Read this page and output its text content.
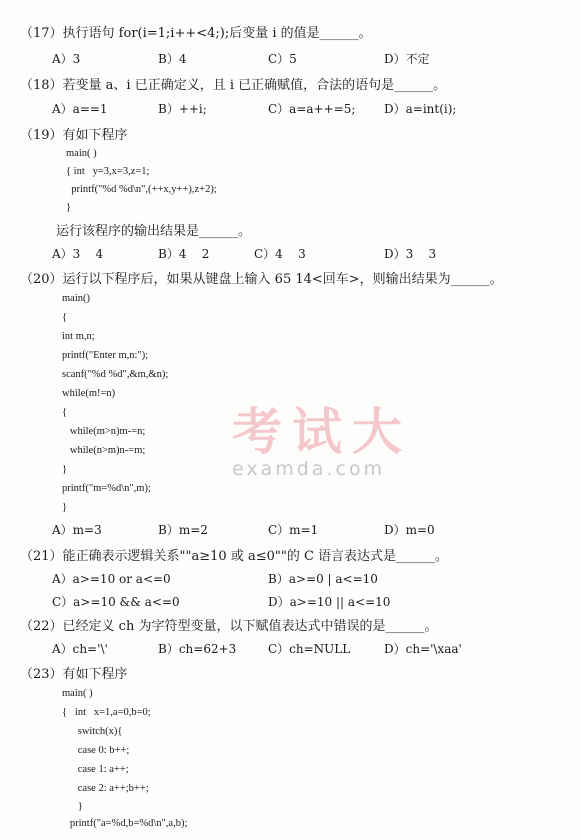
考试大
examda.com
（17）执行语句 for(i=1;i++<4;);后变量 i 的值是______。
A）3	B）4	C）5	D）不定
（18）若变量 a、i 已正确定义，且 i 已正确赋值，合法的语句是______。
A）a==1	B）++i;	C）a=a++=5; D）a=int(i);
（19）有如下程序
main( )
{ int   y=3,x=3,z=1;
printf("%d %d\n",(++x,y++),z+2);
}
运行该程序的输出结果是______。
A）3    4	B）4    2	C）4    3	D）3    3
（20）运行以下程序后，如果从键盘上输入 65 14<回车>，则输出结果为______。
main()
{
int m,n;
printf("Enter m,n:");
scanf("%d %d",&m,&n);
while(m!=n)
{
while(m>n)m-=n;
while(n>m)n-=m;
}
printf("m=%d\n",m);
}
A）m=3	B）m=2	C）m=1	D）m=0
（21）能正确表示逻辑关系""a≥10 或 a≤0""的 C 语言表达式是______。
A）a>=10 or a<=0	B）a>=0 | a<=10
C）a>=10 && a<=0	D）a>=10 || a<=10
（22）已经定义 ch 为字符型变量，以下赋值表达式中错误的是______。
A）ch='\'	B）ch=62+3	C）ch=NULL	D）ch='\xaa'
（23）有如下程序
main( )
{   int   x=1,a=0,b=0;
switch(x){
case 0: b++;
case 1: a++;
case 2: a++;b++;
}
printf("a=%d,b=%d\n",a,b);
